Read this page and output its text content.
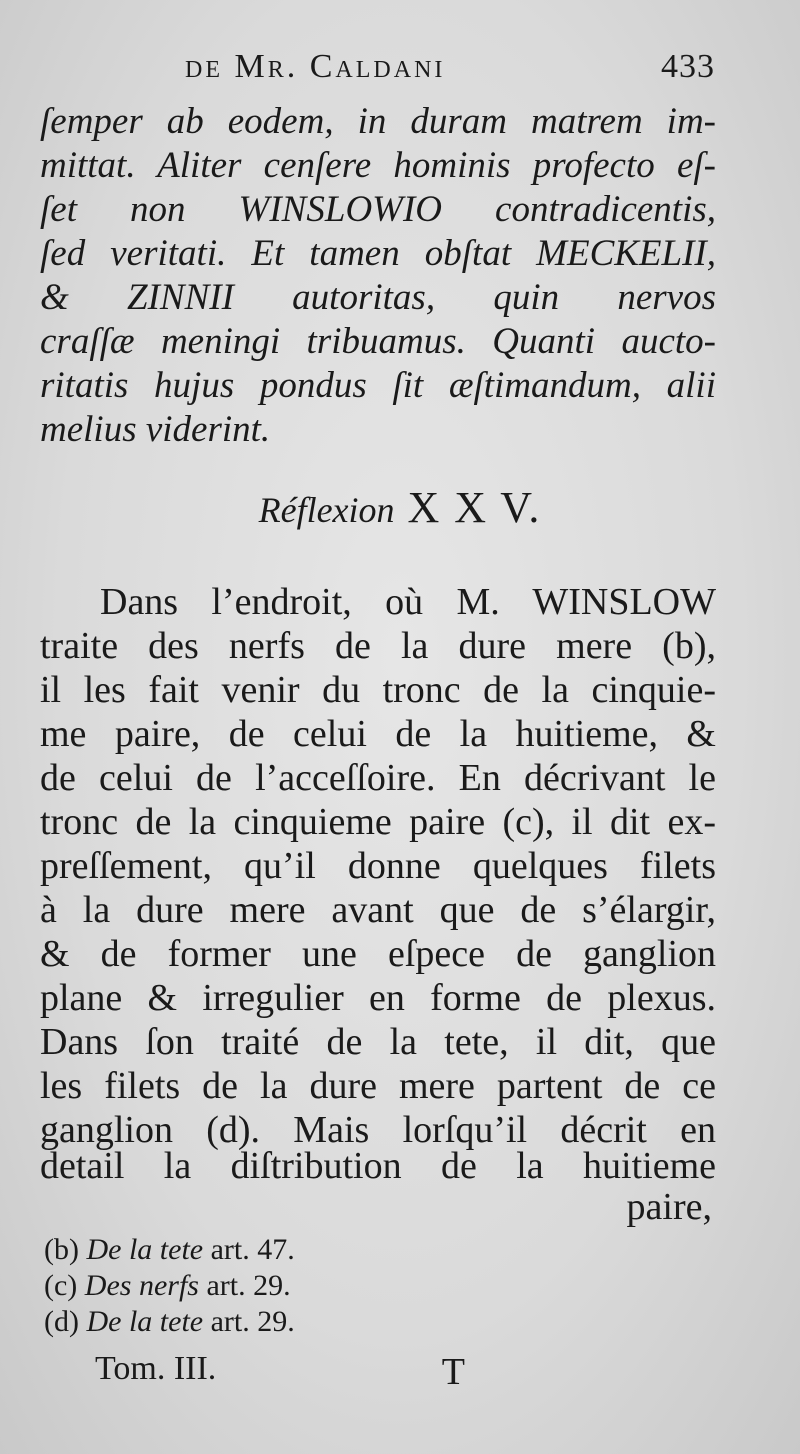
de Mr. Caldani	433
ſemper ab eodem, in duram matrem im-
mittat. Aliter cenſere hominis profecto eſ-
ſet non WINSLOWIO contradicentis,
ſed veritati. Et tamen obſtat MECKELII,
& ZINNII autoritas, quin nervos
craſſæ meningi tribuamus. Quanti aucto-
ritatis hujus pondus ſit æſtimandum, alii
melius viderint.
Réflexion X X V.
Dans l’endroit, où M. WINSLOW
traite des nerfs de la dure mere (b),
il les fait venir du tronc de la cinquie-
me paire, de celui de la huitieme, &
de celui de l’acceſſoire. En décrivant le
tronc de la cinquieme paire (c), il dit ex-
preſſement, qu’il donne quelques filets
à la dure mere avant que de s’élargir,
& de former une eſpece de ganglion
plane & irregulier en forme de plexus.
Dans ſon traité de la tete, il dit, que
les filets de la dure mere partent de ce
ganglion (d). Mais lorſqu’il décrit en
detail la diſtribution de la huitieme
paire,
(b) De la tete art. 47.
(c) Des nerfs art. 29.
(d) De la tete art. 29.
Tom. III.	T
